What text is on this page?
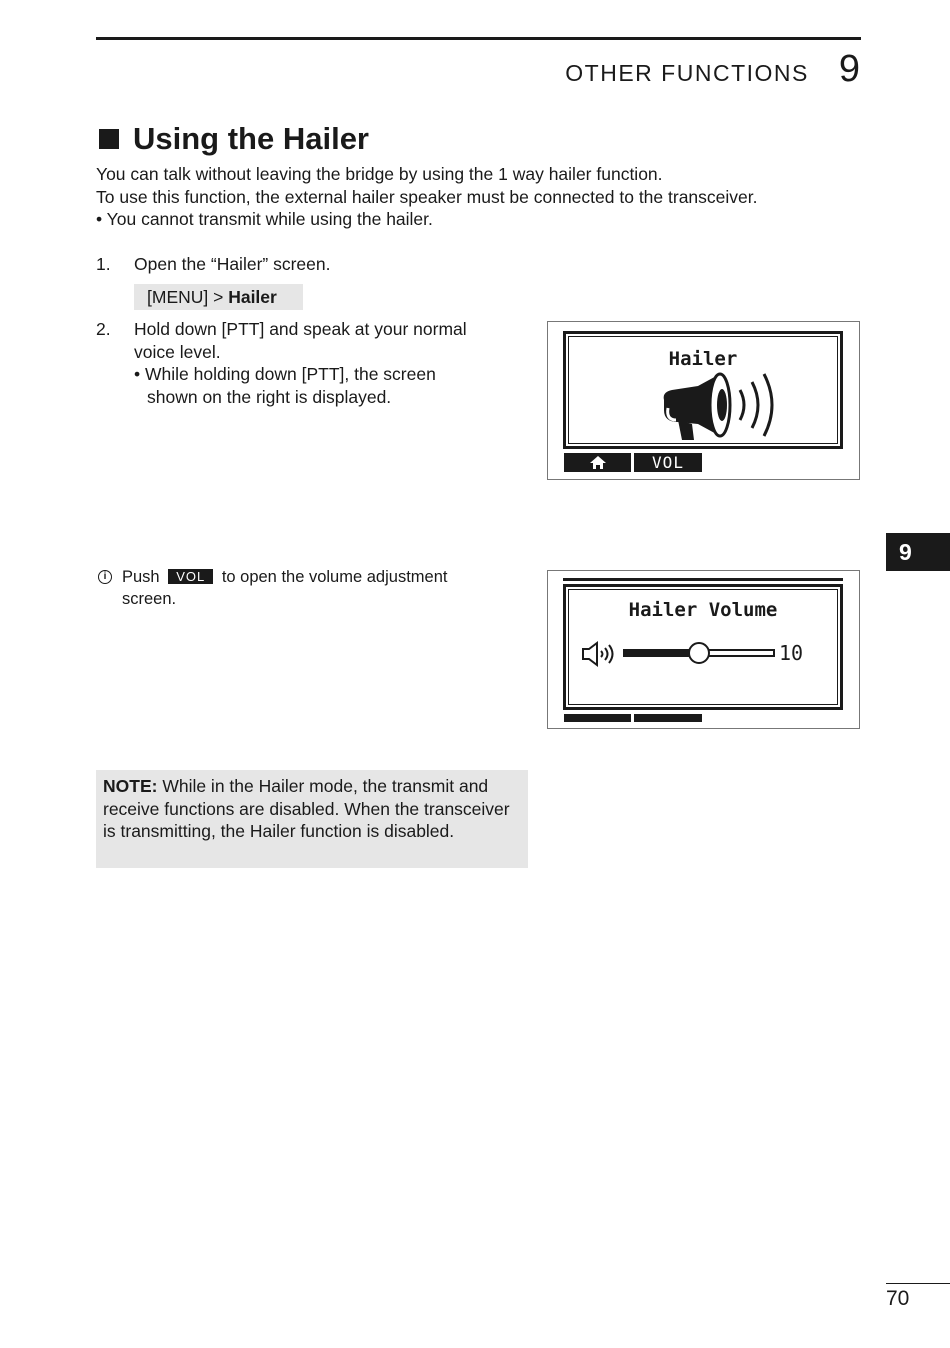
OTHER FUNCTIONS 9
Using the Hailer
You can talk without leaving the bridge by using the 1 way hailer function.
To use this function, the external hailer speaker must be connected to the transceiver.
• You cannot transmit while using the hailer.
1. Open the “Hailer” screen.
[MENU] > Hailer
2. Hold down [PTT] and speak at your normal
voice level.
• While holding down [PTT], the screen
shown on the right is displayed.
Hailer
VOL
i Push VOL to open the volume adjustment
screen.	Hailer Volume
10
NOTE: While in the Hailer mode, the transmit and receive functions are disabled. When the transceiver is transmitting, the Hailer function is disabled.
9
70
